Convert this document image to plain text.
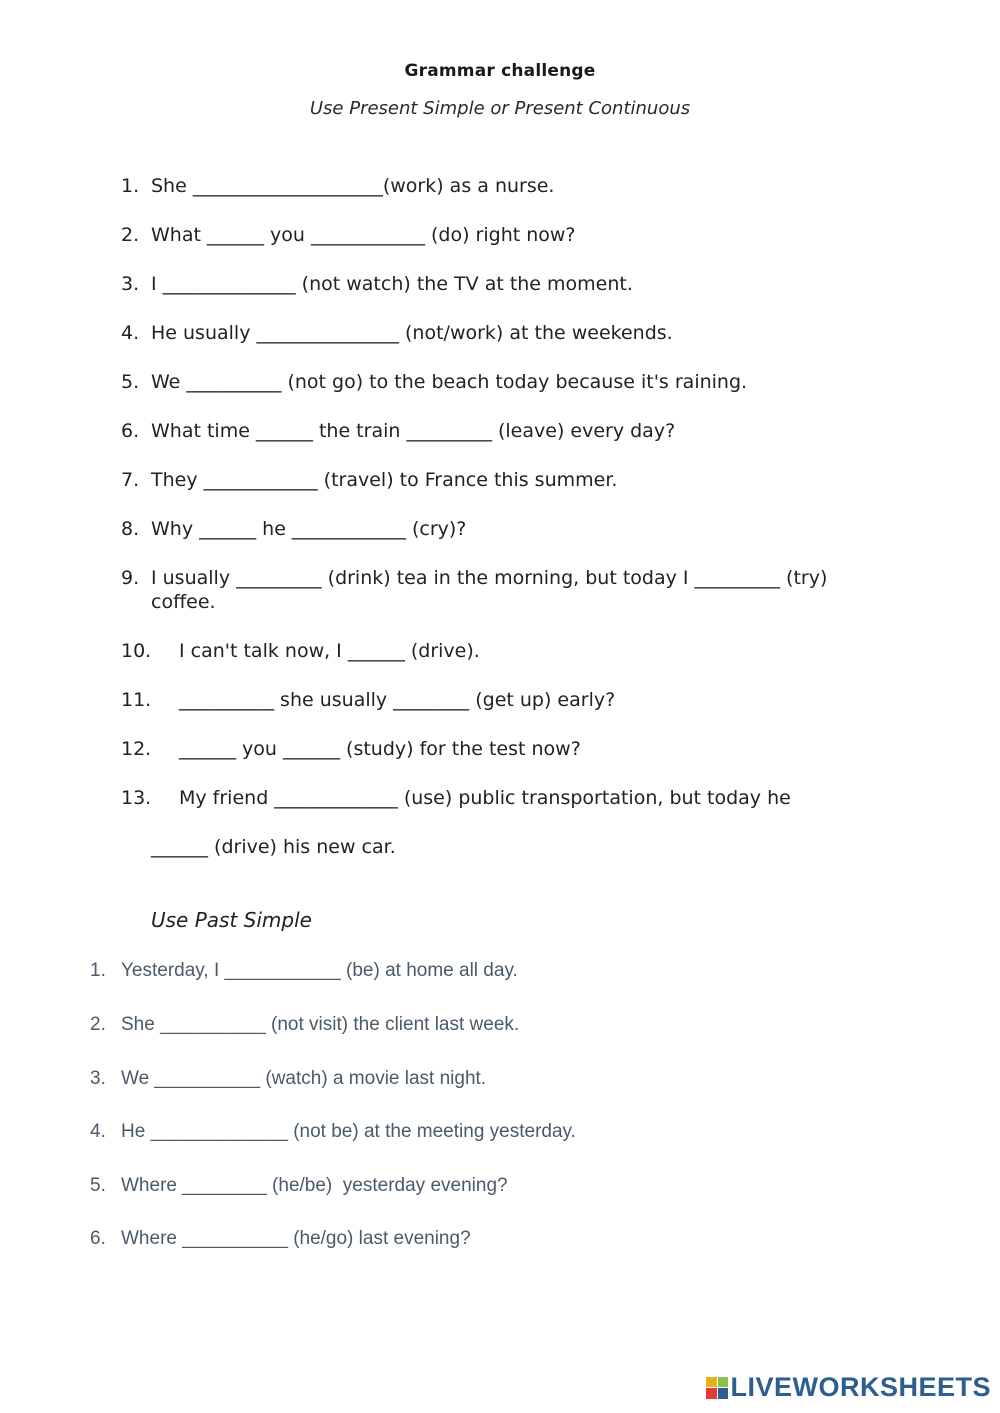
Grammar challenge
Use Present Simple or Present Continuous
1. She ____________________(work) as a nurse.
2. What ______ you ____________ (do) right now?
3. I ______________ (not watch) the TV at the moment.
4. He usually _______________ (not/work) at the weekends.
5. We __________ (not go) to the beach today because it's raining.
6. What time ______ the train _________ (leave) every day?
7. They ____________ (travel) to France this summer.
8. Why ______ he ____________ (cry)?
9. I usually _________ (drink) tea in the morning, but today I _________ (try)
coffee.
10. I can't talk now, I ______ (drive).
11. __________ she usually ________ (get up) early?
12. ______ you ______ (study) for the test now?
13. My friend _____________ (use) public transportation, but today he
______ (drive) his new car.
Use Past Simple
1. Yesterday, I ___________ (be) at home all day.
2. She __________ (not visit) the client last week.
3. We __________ (watch) a movie last night.
4. He _____________ (not be) at the meeting yesterday.
5. Where ________ (he/be)  yesterday evening?
6. Where __________ (he/go) last evening?
LIVEWORKSHEETS
